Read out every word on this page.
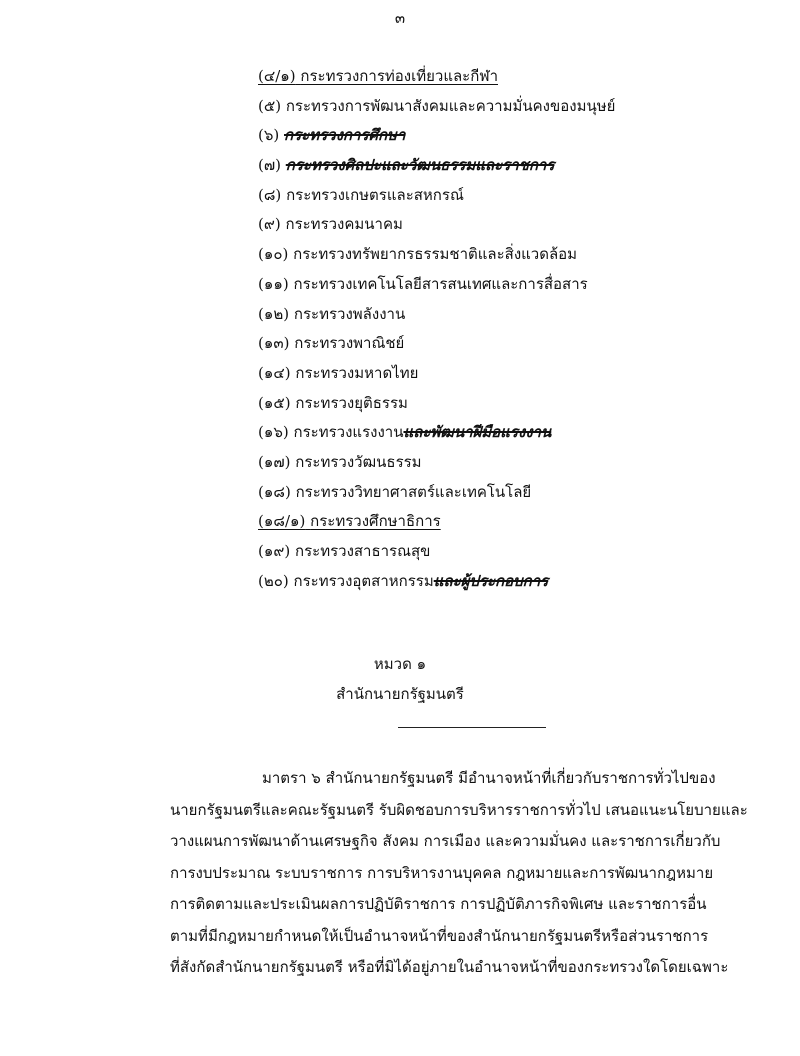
๓
(๔/๑) กระทรวงการท่องเที่ยวและกีฬา
(๕) กระทรวงการพัฒนาสังคมและความมั่นคงของมนุษย์
(๖) กระทรวงการศึกษา
(๗) กระทรวงศิลปะและวัฒนธรรมและราชการ
(๘) กระทรวงเกษตรและสหกรณ์
(๙) กระทรวงคมนาคม
(๑๐) กระทรวงทรัพยากรธรรมชาติและสิ่งแวดล้อม
(๑๑) กระทรวงเทคโนโลยีสารสนเทศและการสื่อสาร
(๑๒) กระทรวงพลังงาน
(๑๓) กระทรวงพาณิชย์
(๑๔) กระทรวงมหาดไทย
(๑๕) กระทรวงยุติธรรม
(๑๖) กระทรวงแรงงานและพัฒนาฝีมือแรงงาน
(๑๗) กระทรวงวัฒนธรรม
(๑๘) กระทรวงวิทยาศาสตร์และเทคโนโลยี
(๑๘/๑) กระทรวงศึกษาธิการ
(๑๙) กระทรวงสาธารณสุข
(๒๐) กระทรวงอุตสาหกรรมและผู้ประกอบการ
หมวด ๑
สำนักนายกรัฐมนตรี

มาตรา ๖ สำนักนายกรัฐมนตรี มีอำนาจหน้าที่เกี่ยวกับราชการทั่วไปของ
นายกรัฐมนตรีและคณะรัฐมนตรี รับผิดชอบการบริหารราชการทั่วไป เสนอแนะนโยบายและ
วางแผนการพัฒนาด้านเศรษฐกิจ สังคม การเมือง และความมั่นคง และราชการเกี่ยวกับ
การงบประมาณ ระบบราชการ การบริหารงานบุคคล กฎหมายและการพัฒนากฎหมาย
การติดตามและประเมินผลการปฏิบัติราชการ การปฏิบัติภารกิจพิเศษ และราชการอื่น
ตามที่มีกฎหมายกำหนดให้เป็นอำนาจหน้าที่ของสำนักนายกรัฐมนตรีหรือส่วนราชการ
ที่สังกัดสำนักนายกรัฐมนตรี หรือที่มิได้อยู่ภายในอำนาจหน้าที่ของกระทรวงใดโดยเฉพาะ
